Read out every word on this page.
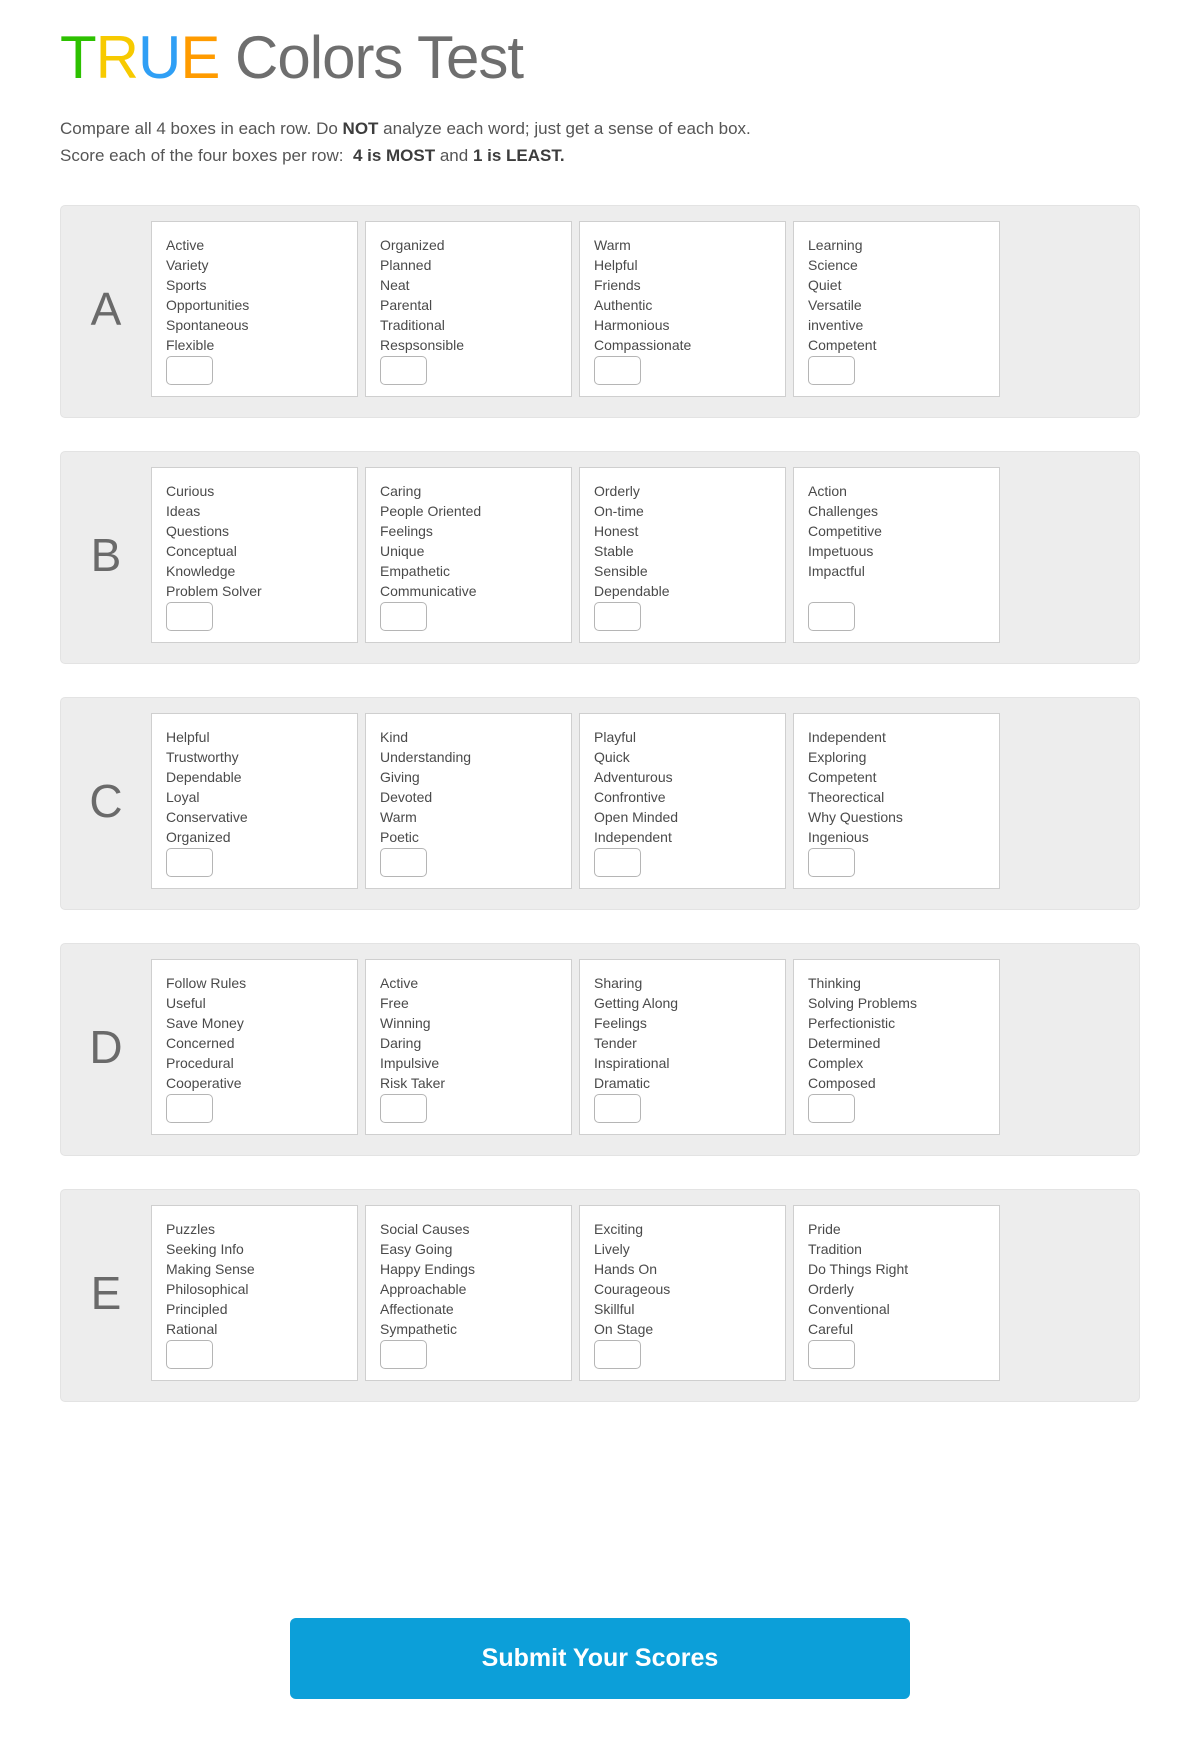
TRUE Colors Test

Compare all 4 boxes in each row. Do NOT analyze each word; just get a sense of each box.

Score each of the four boxes per row:  4 is MOST and 1 is LEAST.

A
Active
Variety
Sports
Opportunities
Spontaneous
Flexible
Organized
Planned
Neat
Parental
Traditional
Respsonsible
Warm
Helpful
Friends
Authentic
Harmonious
Compassionate
Learning
Science
Quiet
Versatile
inventive
Competent
B
Curious
Ideas
Questions
Conceptual
Knowledge
Problem Solver
Caring
People Oriented
Feelings
Unique
Empathetic
Communicative
Orderly
On-time
Honest
Stable
Sensible
Dependable
Action
Challenges
Competitive
Impetuous
Impactful
C
Helpful
Trustworthy
Dependable
Loyal
Conservative
Organized
Kind
Understanding
Giving
Devoted
Warm
Poetic
Playful
Quick
Adventurous
Confrontive
Open Minded
Independent
Independent
Exploring
Competent
Theorectical
Why Questions
Ingenious
D
Follow Rules
Useful
Save Money
Concerned
Procedural
Cooperative
Active
Free
Winning
Daring
Impulsive
Risk Taker
Sharing
Getting Along
Feelings
Tender
Inspirational
Dramatic
Thinking
Solving Problems
Perfectionistic
Determined
Complex
Composed
E
Puzzles
Seeking Info
Making Sense
Philosophical
Principled
Rational
Social Causes
Easy Going
Happy Endings
Approachable
Affectionate
Sympathetic
Exciting
Lively
Hands On
Courageous
Skillful
On Stage
Pride
Tradition
Do Things Right
Orderly
Conventional
Careful
Submit Your Scores
